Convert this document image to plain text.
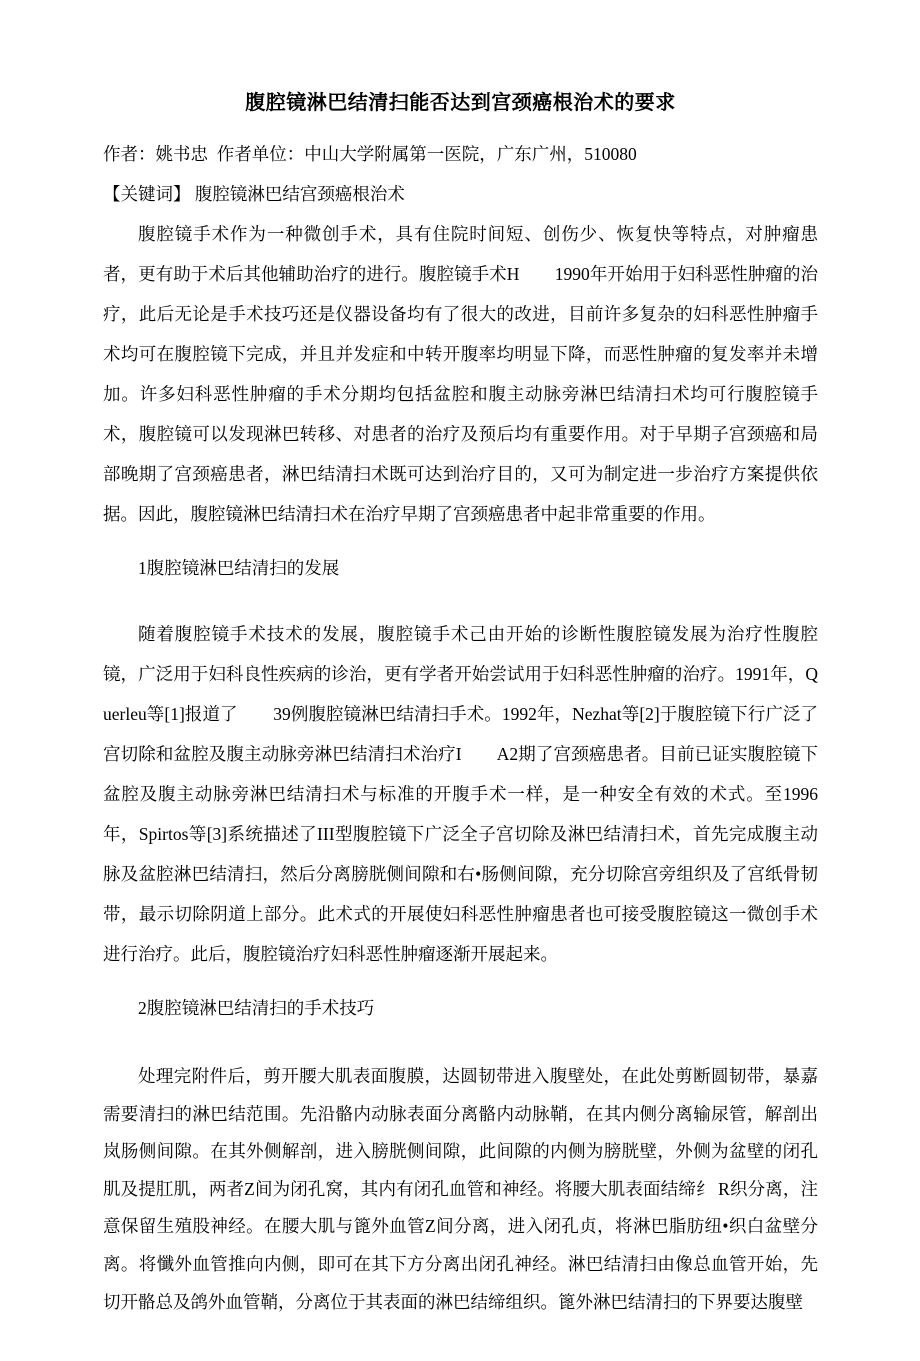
腹腔镜淋巴结清扫能否达到宫颈癌根治术的要求

作者：姚书忠  作者单位：中山大学附属第一医院，广东广州，510080

【关键词】 腹腔镜淋巴结宫颈癌根治术

腹腔镜手术作为一种微创手术，具有住院时间短、创伤少、恢复快等特点，对肿瘤患者，更有助于术后其他辅助治疗的进行。腹腔镜手术H        1990年开始用于妇科恶性肿瘤的治疗，此后无论是手术技巧还是仪器设备均有了很大的改进，目前许多复杂的妇科恶性肿瘤手术均可在腹腔镜下完成，并且并发症和中转开腹率均明显下降，而恶性肿瘤的复发率并未增加。许多妇科恶性肿瘤的手术分期均包括盆腔和腹主动脉旁淋巴结清扫术均可行腹腔镜手术，腹腔镜可以发现淋巴转移、对患者的治疗及预后均有重要作用。对于早期子宫颈癌和局部晚期了宫颈癌患者，淋巴结清扫术既可达到治疗目的，又可为制定进一步治疗方案提供依据。因此，腹腔镜淋巴结清扫术在治疗早期了宫颈癌患者中起非常重要的作用。

1腹腔镜淋巴结清扫的发展

随着腹腔镜手术技术的发展，腹腔镜手术己由开始的诊断性腹腔镜发展为治疗性腹腔镜，广泛用于妇科良性疾病的诊治，更有学者开始尝试用于妇科恶性肿瘤的治疗。1991年，Querleu等[1]报道了        39例腹腔镜淋巴结清扫手术。1992年，Nezhat等[2]于腹腔镜下行广泛了宫切除和盆腔及腹主动脉旁淋巴结清扫术治疗I        A2期了宫颈癌患者。目前已证实腹腔镜下盆腔及腹主动脉旁淋巴结清扫术与标准的开腹手术一样，是一种安全有效的术式。至1996年，Spirtos等[3]系统描述了III型腹腔镜下广泛全子宫切除及淋巴结清扫术，首先完成腹主动脉及盆腔淋巴结清扫，然后分离膀胱侧间隙和右•肠侧间隙，充分切除宫旁组织及了宫纸骨韧带，最示切除阴道上部分。此术式的开展使妇科恶性肿瘤患者也可接受腹腔镜这一微创手术进行治疗。此后，腹腔镜治疗妇科恶性肿瘤逐渐开展起来。

2腹腔镜淋巴结清扫的手术技巧

处理完附件后，剪开腰大肌表面腹膜，达圆韧带进入腹壁处，在此处剪断圆韧带，暴嘉需要清扫的淋巴结范围。先沿骼内动脉表面分离骼内动脉鞘，在其内侧分离输尿管，解剖出岚肠侧间隙。在其外侧解剖，进入膀胱侧间隙，此间隙的内侧为膀胱壁，外侧为盆壁的闭孔肌及提肛肌，两者Z间为闭孔窝，其内有闭孔血管和神经。将腰大肌表面结缔纟 R织分离，注意保留生殖股神经。在腰大肌与篦外血管Z间分离，进入闭孔贞，将淋巴脂肪纽•织白盆壁分离。将懺外血管推向内侧，即可在其下方分离出闭孔神经。淋巴结清扫由像总血管开始，先切开骼总及鸽外血管鞘，分离位于其表面的淋巴结缔组织。篦外淋巴结清扫的下界要达腹壁
